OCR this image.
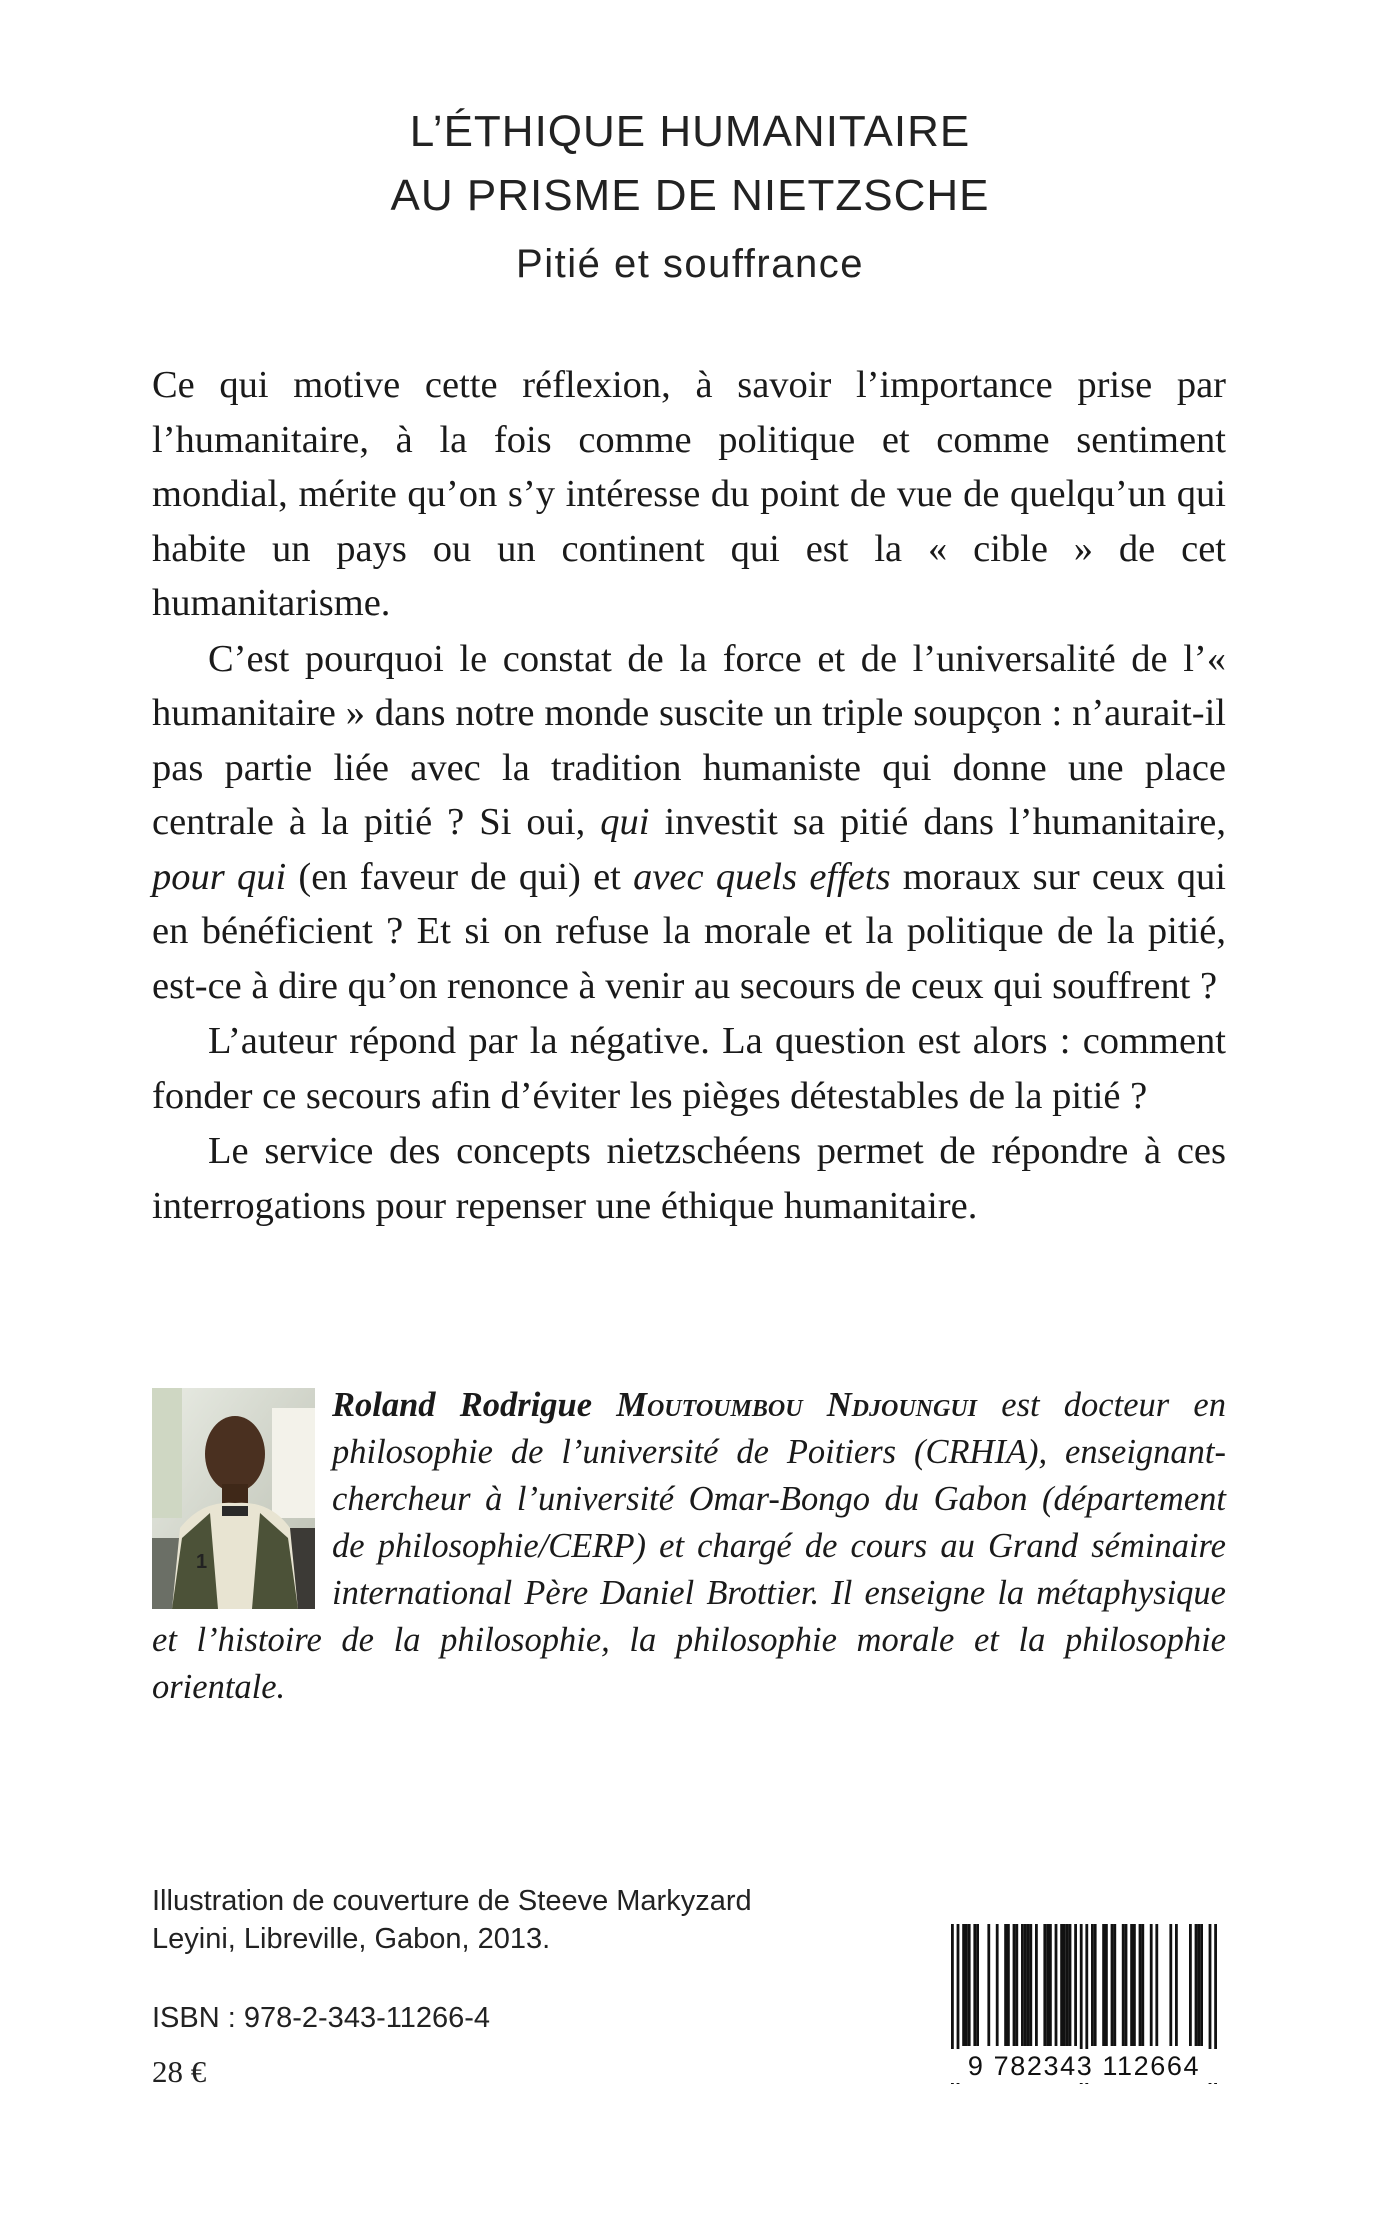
L’ÉTHIQUE HUMANITAIRE
AU PRISME DE NIETZSCHE
Pitié et souffrance

Ce qui motive cette réflexion, à savoir l’importance prise par l’humanitaire, à la fois comme politique et comme sentiment mondial, mérite qu’on s’y intéresse du point de vue de quelqu’un qui habite un pays ou un continent qui est la « cible » de cet humanitarisme.

C’est pourquoi le constat de la force et de l’universalité de l’« humanitaire » dans notre monde suscite un triple soupçon : n’aurait-il pas partie liée avec la tradition humaniste qui donne une place centrale à la pitié ? Si oui, qui investit sa pitié dans l’humanitaire, pour qui (en faveur de qui) et avec quels effets moraux sur ceux qui en bénéficient ? Et si on refuse la morale et la politique de la pitié, est-ce à dire qu’on renonce à venir au secours de ceux qui souffrent ?

L’auteur répond par la négative. La question est alors : comment fonder ce secours afin d’éviter les pièges détestables de la pitié ?

Le service des concepts nietzschéens permet de répondre à ces interrogations pour repenser une éthique humanitaire.

1
Roland Rodrigue Moutoumbou Ndjoungui est docteur en philosophie de l’université de Poitiers (CRHIA), enseignant-chercheur à l’université Omar-Bongo du Gabon (département de philosophie/CERP) et chargé de cours au Grand séminaire international Père Daniel Brottier. Il enseigne la métaphysique et l’histoire de la philosophie, la philosophie morale et la philosophie orientale.
Illustration de couverture de Steeve Markyzard
Leyini, Libreville, Gabon, 2013.
ISBN : 978-2-343-11266-4
28 €	9 782343 112664
